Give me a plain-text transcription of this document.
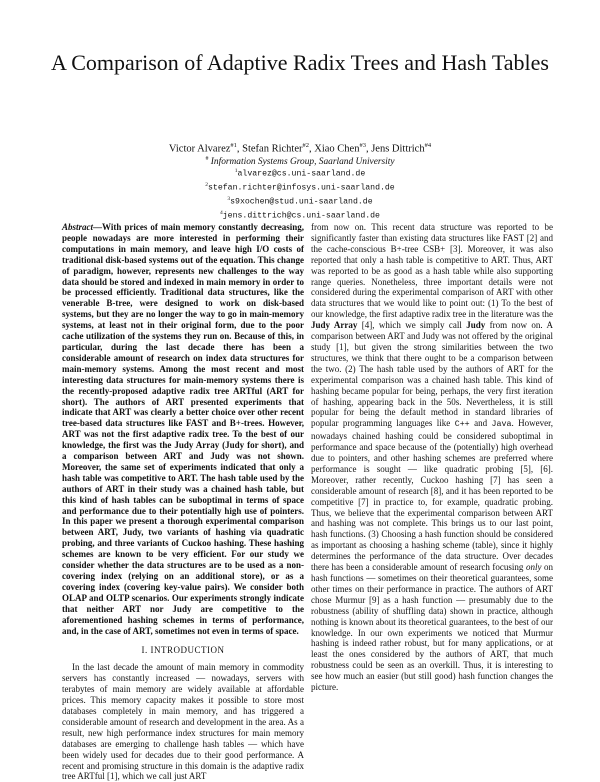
A Comparison of Adaptive Radix Trees and Hash Tables
Victor Alvarez$^{\#1}$, Stefan Richter$^{\#2}$, Xiao Chen$^{\#3}$, Jens Dittrich$^{\#4}$
# Information Systems Group, Saarland University
$^1$alvarez@cs.uni-saarland.de
$^2$stefan.richter@infosys.uni-saarland.de
$^3$s9xochen@stud.uni-saarland.de
$^4$jens.dittrich@cs.uni-saarland.de
Abstract—With prices of main memory constantly decreasing, people nowadays are more interested in performing their computations in main memory, and leave high I/O costs of traditional disk-based systems out of the equation. This change of paradigm, however, represents new challenges to the way data should be stored and indexed in main memory in order to be processed efficiently. Traditional data structures, like the venerable B-tree, were designed to work on disk-based systems, but they are no longer the way to go in main-memory systems, at least not in their original form, due to the poor cache utilization of the systems they run on. Because of this, in particular, during the last decade there has been a considerable amount of research on index data structures for main-memory systems. Among the most recent and most interesting data structures for main-memory systems there is the recently-proposed adaptive radix tree ARTful (ART for short). The authors of ART presented experiments that indicate that ART was clearly a better choice over other recent tree-based data structures like FAST and B+-trees. However, ART was not the first adaptive radix tree. To the best of our knowledge, the first was the Judy Array (Judy for short), and a comparison between ART and Judy was not shown. Moreover, the same set of experiments indicated that only a hash table was competitive to ART. The hash table used by the authors of ART in their study was a chained hash table, but this kind of hash tables can be suboptimal in terms of space and performance due to their potentially high use of pointers. In this paper we present a thorough experimental comparison between ART, Judy, two variants of hashing via quadratic probing, and three variants of Cuckoo hashing. These hashing schemes are known to be very efficient. For our study we consider whether the data structures are to be used as a non-covering index (relying on an additional store), or as a covering index (covering key-value pairs). We consider both OLAP and OLTP scenarios. Our experiments strongly indicate that neither ART nor Judy are competitive to the aforementioned hashing schemes in terms of performance, and, in the case of ART, sometimes not even in terms of space.
I. INTRODUCTION
In the last decade the amount of main memory in commodity servers has constantly increased — nowadays, servers with terabytes of main memory are widely available at affordable prices. This memory capacity makes it possible to store most databases completely in main memory, and has triggered a considerable amount of research and development in the area. As a result, new high performance index structures for main memory databases are emerging to challenge hash tables — which have been widely used for decades due to their good performance. A recent and promising structure in this domain is the adaptive radix tree ARTful [1], which we call just ART
from now on. This recent data structure was reported to be significantly faster than existing data structures like FAST [2] and the cache-conscious B+-tree CSB+ [3]. Moreover, it was also reported that only a hash table is competitive to ART. Thus, ART was reported to be as good as a hash table while also supporting range queries. Nonetheless, three important details were not considered during the experimental comparison of ART with other data structures that we would like to point out: (1) To the best of our knowledge, the first adaptive radix tree in the literature was the Judy Array [4], which we simply call Judy from now on. A comparison between ART and Judy was not offered by the original study [1], but given the strong similarities between the two structures, we think that there ought to be a comparison between the two. (2) The hash table used by the authors of ART for the experimental comparison was a chained hash table. This kind of hashing became popular for being, perhaps, the very first iteration of hashing, appearing back in the 50s. Nevertheless, it is still popular for being the default method in standard libraries of popular programming languages like C++ and Java. However, nowadays chained hashing could be considered suboptimal in performance and space because of the (potentially) high overhead due to pointers, and other hashing schemes are preferred where performance is sought — like quadratic probing [5], [6]. Moreover, rather recently, Cuckoo hashing [7] has seen a considerable amount of research [8], and it has been reported to be competitive [7] in practice to, for example, quadratic probing. Thus, we believe that the experimental comparison between ART and hashing was not complete. This brings us to our last point, hash functions. (3) Choosing a hash function should be considered as important as choosing a hashing scheme (table), since it highly determines the performance of the data structure. Over decades there has been a considerable amount of research focusing only on hash functions — sometimes on their theoretical guarantees, some other times on their performance in practice. The authors of ART chose Murmur [9] as a hash function — presumably due to the robustness (ability of shuffling data) shown in practice, although nothing is known about its theoretical guarantees, to the best of our knowledge. In our own experiments we noticed that Murmur hashing is indeed rather robust, but for many applications, or at least the ones considered by the authors of ART, that much robustness could be seen as an overkill. Thus, it is interesting to see how much an easier (but still good) hash function changes the picture.
